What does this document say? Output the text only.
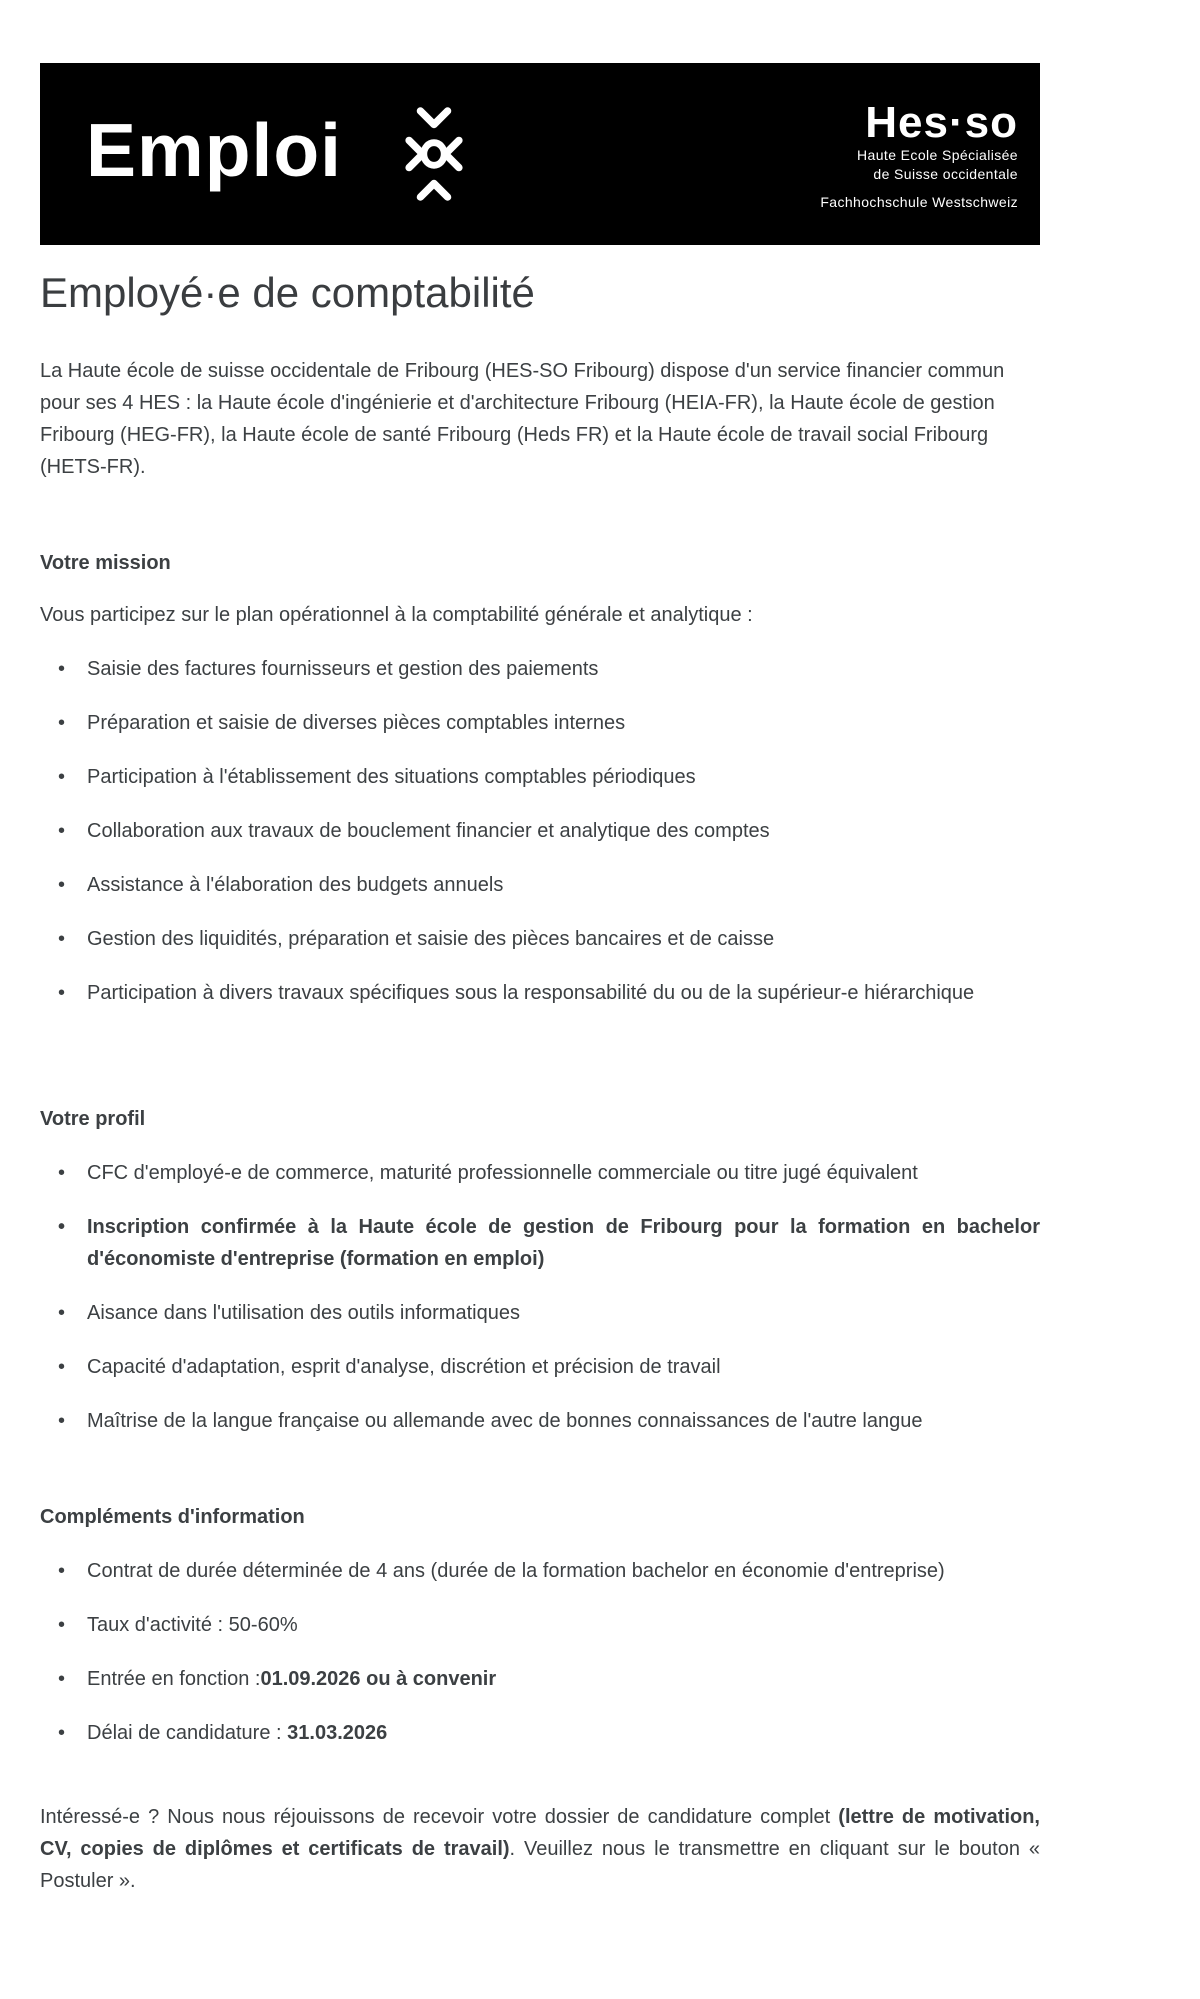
Emploi	Hes·so
Haute Ecole Spécialisée
de Suisse occidentale
Fachhochschule Westschweiz
Employé·e de comptabilité

La Haute école de suisse occidentale de Fribourg (HES-SO Fribourg) dispose d'un service financier commun pour ses 4 HES : la Haute école d'ingénierie et d'architecture Fribourg (HEIA-FR), la Haute école de gestion Fribourg (HEG-FR), la Haute école de santé Fribourg (Heds FR) et la Haute école de travail social Fribourg (HETS-FR).

Votre mission

Vous participez sur le plan opérationnel à la comptabilité générale et analytique :

• Saisie des factures fournisseurs et gestion des paiements
• Préparation et saisie de diverses pièces comptables internes
• Participation à l'établissement des situations comptables périodiques
• Collaboration aux travaux de bouclement financier et analytique des comptes
• Assistance à l'élaboration des budgets annuels
• Gestion des liquidités, préparation et saisie des pièces bancaires et de caisse
• Participation à divers travaux spécifiques sous la responsabilité du ou de la supérieur-e hiérarchique
Votre profil
• CFC d'employé-e de commerce, maturité professionnelle commerciale ou titre jugé équivalent
• Inscription confirmée à la Haute école de gestion de Fribourg pour la formation en bachelor d'économiste d'entreprise (formation en emploi)
• Aisance dans l'utilisation des outils informatiques
• Capacité d'adaptation, esprit d'analyse, discrétion et précision de travail
• Maîtrise de la langue française ou allemande avec de bonnes connaissances de l'autre langue
Compléments d'information
• Contrat de durée déterminée de 4 ans (durée de la formation bachelor en économie d'entreprise)
• Taux d'activité : 50-60%
• Entrée en fonction :01.09.2026 ou à convenir
• Délai de candidature : 31.03.2026

Intéressé-e ? Nous nous réjouissons de recevoir votre dossier de candidature complet (lettre de motivation, CV, copies de diplômes et certificats de travail). Veuillez nous le transmettre en cliquant sur le bouton « Postuler ».
